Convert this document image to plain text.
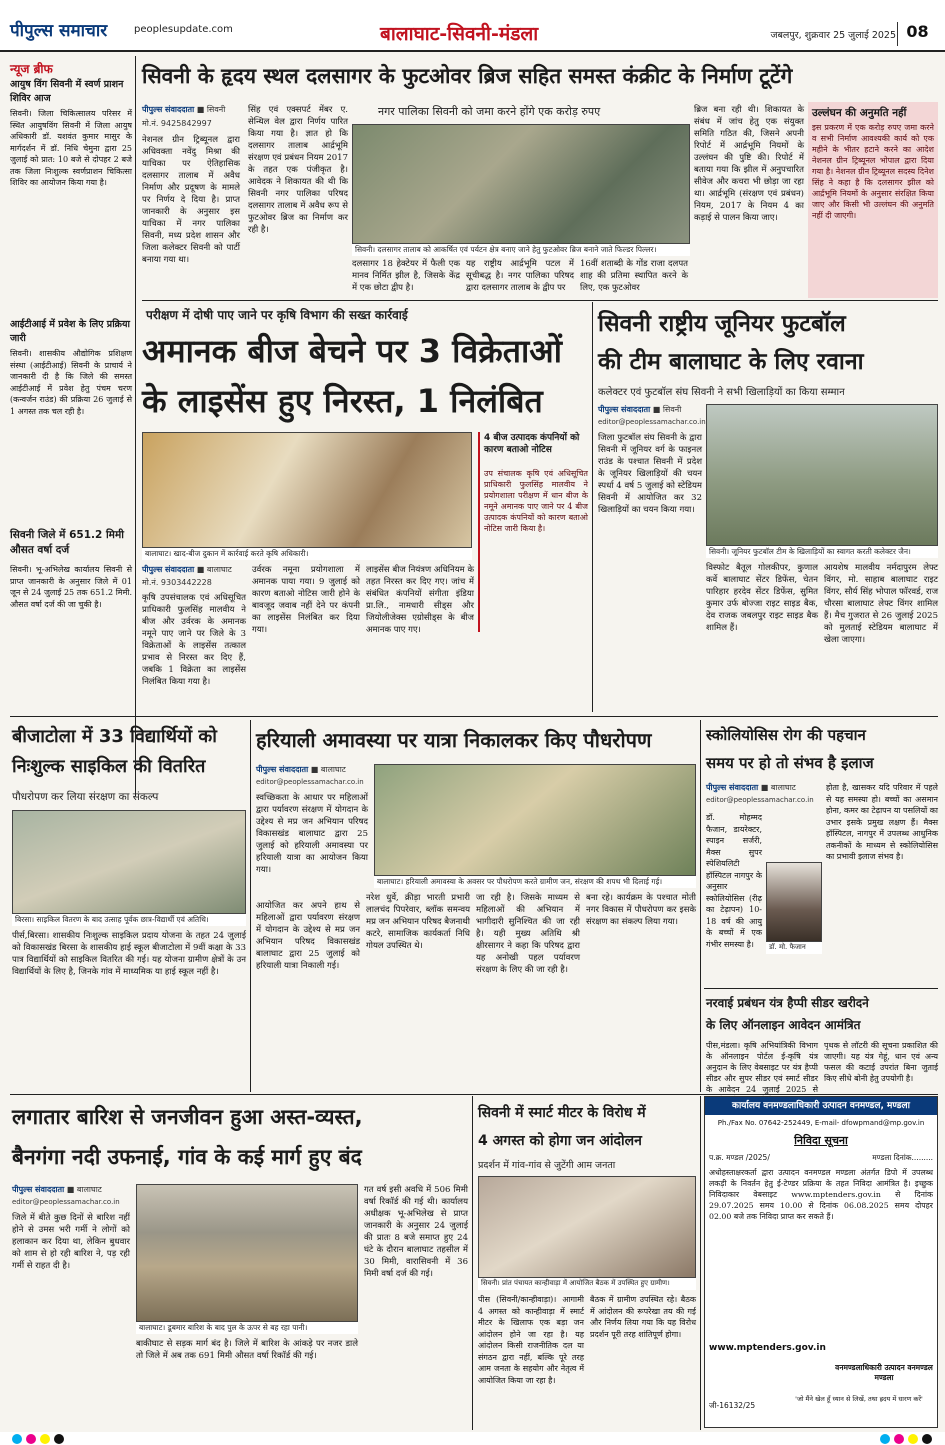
पीपुल्स समाचार	peoplesupdate.com	बालाघाट-सिवनी-मंडला	जबलपुर, शुक्रवार 25 जुलाई 2025 08
न्यूज ब्रीफ
आयुष विंग सिवनी में स्वर्ण प्राशन शिविर आज
सिवनी। जिला चिकित्सालय परिसर में स्थित आयुषविंग सिवनी में जिला आयुष अधिकारी डॉ. यशवंत कुमार मासुर के मार्गदर्शन में डॉ. निधि चेमुना द्वारा 25 जुलाई को प्रात: 10 बजे से दोपहर 2 बजे तक जिला निःशुल्क स्वर्णप्राशन चिकित्सा शिविर का आयोजन किया गया है।
आईटीआई में प्रवेश के लिए प्रक्रिया जारी
सिवनी। शासकीय औद्योगिक प्रशिक्षण संस्था (आईटीआई) सिवनी के प्राचार्य ने जानकारी दी है कि जिले की समस्त आईटीआई में प्रवेश हेतु पंचम चरण (कन्वर्जन राउंड) की प्रक्रिया 26 जुलाई से 1 अगस्त तक चल रही है।
सिवनी जिले में 651.2 मिमी औसत वर्षा दर्ज
सिवनी। भू-अभिलेख कार्यालय सिवनी से प्राप्त जानकारी के अनुसार जिले में 01 जून से 24 जुलाई 25 तक 651.2 मिमी. औसत वर्षा दर्ज की जा चुकी है।
सिवनी के हृदय स्थल दलसागर के फुटओवर ब्रिज सहित समस्त कंक्रीट के निर्माण टूटेंगे
नगर पालिका सिवनी को जमा करने होंगे एक करोड़ रुपए
पीपुल्स संवाददाता ■ सिवनी
मो.नं. 9425842997
नेशनल ग्रीन ट्रिब्यूनल द्वारा अधिवक्ता नवेंदु मिश्रा की याचिका पर ऐतिहासिक दलसागर तालाब में अवैध निर्माण और प्रदूषण के मामले पर निर्णय दे दिया है। प्राप्त जानकारी के अनुसार इस याचिका में नगर पालिका सिवनी, मध्य प्रदेश शासन और जिला कलेक्टर सिवनी को पार्टी बनाया गया था।
सिंह एवं एक्सपर्ट मेंबर ए. सेन्थिल वेल द्वारा निर्णय पारित किया गया है। ज्ञात हो कि दलसागर तालाब आर्द्रभूमि संरक्षण एवं प्रबंधन नियम 2017 के तहत एक पंजीकृत है। आवेदक ने शिकायत की थी कि सिवनी नगर पालिका परिषद दलसागर तालाब में अवैध रूप से फुटओवर ब्रिज का निर्माण कर रही है।
सिवनी। दलसागर तालाब को आकर्षित एवं पर्यटन क्षेत्र बनाए जाने हेतु फुटओवर ब्रिज बनाने जाते फिल्डर पिल्लर।
दलसागर 18 हेक्टेयर में फैली एक मानव निर्मित झील है, जिसके केंद्र में एक छोटा द्वीप है।
यह राष्ट्रीय आर्द्रभूमि पटल में सूचीबद्ध है। नगर पालिका परिषद द्वारा दलसागर तालाब के द्वीप पर
16वीं शताब्दी के गोंड राजा दलपत शाह की प्रतिमा स्थापित करने के लिए, एक फुटओवर
ब्रिज बना रही थी। शिकायत के संबंध में जांच हेतु एक संयुक्त समिति गठित की, जिसने अपनी रिपोर्ट में आर्द्रभूमि नियमों के उल्लंघन की पुष्टि की। रिपोर्ट में बताया गया कि झील में अनुपचारित सीवेज और कचरा भी छोड़ा जा रहा था। आर्द्रभूमि (संरक्षण एवं प्रबंधन) नियम, 2017 के नियम 4 का कड़ाई से पालन किया जाए।
उल्लंघन की अनुमति नहीं
इस प्रकरण में एक करोड़ रुपए जमा करने व सभी निर्माण आवश्यकी कार्य को एक महीने के भीतर हटाने करने का आदेश नेशनल ग्रीन ट्रिब्यूनल भोपाल द्वारा दिया गया है। नेशनल ग्रीन ट्रिब्यूनल सदस्य दिनेश सिंह ने कहा है कि दलसागर झील को आर्द्रभूमि नियमों के अनुसार संरक्षित किया जाए और किसी भी उल्लंघन की अनुमति नहीं दी जाएगी।
परीक्षण में दोषी पाए जाने पर कृषि विभाग की सख्त कार्रवाई
अमानक बीज बेचने पर 3 विक्रेताओं
के लाइसेंस हुए निरस्त, 1 निलंबित
बालाघाट। खाद-बीज दुकान में कार्रवाई करते कृषि अधिकारी।
4 बीज उत्पादक कंपनियों को कारण बताओ नोटिस
उप संचालक कृषि एवं अधिसूचित प्राधिकारी फुलसिंह मालवीय ने प्रयोगशाला परीक्षण में धान बीज के नमूने अमानक पाए जाने पर 4 बीज उत्पादक कंपनियों को कारण बताओ नोटिस जारी किया है।
पीपुल्स संवाददाता ■ बालाघाट
मो.नं. 9303442228
कृषि उपसंचालक एवं अधिसूचित प्राधिकारी फुलसिंह मालवीय ने बीज और उर्वरक के अमानक नमूने पाए जाने पर जिले के 3 विक्रेताओं के लाइसेंस तत्काल प्रभाव से निरस्त कर दिए हैं, जबकि 1 विक्रेता का लाइसेंस निलंबित किया गया है।
उर्वरक नमूना प्रयोगशाला में अमानक पाया गया। 9 जुलाई को कारण बताओ नोटिस जारी होने के बावजूद जवाब नहीं देने पर कंपनी का लाइसेंस निलंबित कर दिया गया।
लाइसेंस बीज नियंत्रण अधिनियम के तहत निरस्त कर दिए गए। जांच में संबंधित कंपनियों संगीता इंडिया प्रा.लि., नामधारी सीड्स और जियोलीजेक्स एग्रोसीड्स के बीज अमानक पाए गए।
सिवनी राष्ट्रीय जूनियर फुटबॉल
की टीम बालाघाट के लिए रवाना
कलेक्टर एवं फुटबॉल संघ सिवनी ने सभी खिलाड़ियों का किया सम्मान
पीपुल्स संवाददाता ■ सिवनी
editor@peoplessamachar.co.in
जिला फुटबॉल संघ सिवनी के द्वारा सिवनी में जूनियर वर्ग के फाइनल राउंड के पश्चात सिवनी में प्रदेश के जूनियर खिलाड़ियों की चयन स्पर्धा 4 वर्ष 5 जुलाई को स्टेडियम सिवनी में आयोजित कर 32 खिलाड़ियों का चयन किया गया।
सिवनी। जूनियर फुटबॉल टीम के खिलाड़ियों का स्वागत करती कलेक्टर जैन।
विस्फोट बैतूल गोलकीपर, कुणाल कर्वे बालाघाट सेंटर डिफेंस, चेतन पारिहार हरदेव सेंटर डिफेंस, सुमित कुमार उर्फ बोज्जा राइट साइड बैक, देव राजक जबलपुर राइट साइड बैक शामिल हैं।
आयशेष मालवीय नर्मदापुरम लेफ्ट विंगर, मो. साहाब बालाघाट राइट विंगर, सौर्य सिंह भोपाल फॉरवर्ड, राज चौरसा बालाघाट लेफ्ट विंगर शामिल हैं। मैच गुजरात से 26 जुलाई 2025 को मुलताई स्टेडियम बालाघाट में खेला जाएगा।
बीजाटोला में 33 विद्यार्थियों को निःशुल्क साइकिल की वितरित
पौधरोपण कर लिया संरक्षण का संकल्प
बिरसा। साइकिल वितरण के बाद उत्साह पूर्वक छात्र-विद्यार्थी एवं अतिथि।
पीर्स,बिरसा। शासकीय निःशुल्क साइकिल प्रदाय योजना के तहत 24 जुलाई को विकासखंड बिरसा के शासकीय हाई स्कूल बीजाटोला में 9वीं कक्षा के 33 पात्र विद्यार्थियों को साइकिल वितरित की गई। यह योजना ग्रामीण क्षेत्रों के उन विद्यार्थियों के लिए है, जिनके गांव में माध्यमिक या हाई स्कूल नहीं है।
हरियाली अमावस्या पर यात्रा निकालकर किए पौधरोपण
पीपुल्स संवाददाता ■ बालाघाट
editor@peoplessamachar.co.in
स्वच्छिकता के आधार पर महिलाओं द्वारा पर्यावरण संरक्षण में योगदान के उद्देश्य से मप्र जन अभियान परिषद विकासखंड बालाघाट द्वारा 25 जुलाई को हरियाली अमावस्या पर हरियाली यात्रा का आयोजन किया गया।
बालाघाट। हरियाली अमावस्या के अवसर पर पौधरोपण करते ग्रामीण जन, संरक्षण की शपथ भी दिलाई गई।
आयोजित कर अपने हाथ से महिलाओं द्वारा पर्यावरण संरक्षण में योगदान के उद्देश्य से मप्र जन अभियान परिषद विकासखंड बालाघाट द्वारा 25 जुलाई को हरियाली यात्रा निकाली गई।
नरेश धुर्वे, क्रीड़ा भारती प्रभारी लालचंद पिपरेवार, ब्लॉक समन्वय मप्र जन अभियान परिषद बैजनाथी कटरे, सामाजिक कार्यकर्ता निधि गोयल उपस्थित थे।
जा रही है। जिसके माध्यम से महिलाओं की अभियान में भागीदारी सुनिश्चित की जा रही है। यही मुख्य अतिथि श्री क्षीरसागर ने कहा कि परिषद द्वारा यह अनोखी पहल पर्यावरण संरक्षण के लिए की जा रही है।
बना रहे। कार्यक्रम के पश्चात मोती नगर विकास में पौधरोपण कर इसके संरक्षण का संकल्प लिया गया।
स्कोलियोसिस रोग की पहचान
समय पर हो तो संभव है इलाज
पीपुल्स संवाददाता ■ बालाघाट
editor@peoplessamachar.co.in
डॉ. मोहम्मद फैजान, डायरेक्टर, स्पाइन सर्जरी, मैक्स सुपर स्पेशियलिटी हॉस्पिटल नागपुर के अनुसार स्कोलियोसिस (रीढ़ का टेढ़ापन) 10-18 वर्ष की आयु के बच्चों में एक गंभीर समस्या है।	डॉ. मो. फैजान
होता है, खासकर यदि परिवार में पहले से यह समस्या हो। बच्चों का असमान होना, कमर का टेढ़ापन या पसलियों का उभार इसके प्रमुख लक्षण हैं। मैक्स हॉस्पिटल, नागपुर में उपलब्ध आधुनिक तकनीकों के माध्यम से स्कोलियोसिस का प्रभावी इलाज संभव है।
नरवाई प्रबंधन यंत्र हैप्पी सीडर खरीदने
के लिए ऑनलाइन आवेदन आमंत्रित
पीस,मंडला। कृषि अभियांत्रिकी विभाग के ऑनलाइन पोर्टल ई-कृषि यंत्र अनुदान के लिए वेबसाइट पर यंत्र हैप्पी सीडर और सुपर सीडर एवं स्मार्ट सीडर के आवेदन 24 जुलाई 2025 से
पृथक से लॉटरी की सूचना प्रकाशित की जाएगी। यह यंत्र गेहूं, धान एवं अन्य फसल की कटाई उपरांत बिना जुताई किए सीधे बोनी हेतु उपयोगी है।
लगातार बारिश से जनजीवन हुआ अस्त-व्यस्त,
बैनगंगा नदी उफनाई, गांव के कई मार्ग हुए बंद
पीपुल्स संवाददाता ■ बालाघाट
editor@peoplessamachar.co.in
जिले में बीते कुछ दिनों से बारिश नहीं होने से उमस भरी गर्मी ने लोगों को हलाकान कर दिया था, लेकिन बुधवार को शाम से हो रही बारिश ने, पड़ रही गर्मी से राहत दी है।
बालाघाट। डूबमार बारिश के बाद पुल के ऊपर से बह रहा पानी।
बाकीघाट से सड़क मार्ग बंद है। जिले में बारिश के आंकड़े पर नजर डाले तो जिले में अब तक 691 मिमी औसत वर्षा रिकॉर्ड की गई।
गत वर्ष इसी अवधि में 506 मिमी वर्षा रिकॉर्ड की गई थी। कार्यालय अधीक्षक भू-अभिलेख से प्राप्त जानकारी के अनुसार 24 जुलाई की प्रातः 8 बजे समाप्त हुए 24 घंटे के दौरान बालाघाट तहसील में 30 मिमी, वारासिवनी में 36 मिमी वर्षा दर्ज की गई।
सिवनी में स्मार्ट मीटर के विरोध में
4 अगस्त को होगा जन आंदोलन
प्रदर्शन में गांव-गांव से जुटेंगी आम जनता
सिवनी। प्रांत पंचायत कान्हीवाड़ा में आयोजित बैठक में उपस्थित हुए ग्रामीण।
पीस (सिवनी/कान्हीवाड़ा)। आगामी 4 अगस्त को कान्हीवाड़ा में स्मार्ट मीटर के खिलाफ एक बड़ा जन आंदोलन होने जा रहा है। यह आंदोलन किसी राजनीतिक दल या संगठन द्वारा नहीं, बल्कि पूरे तरह आम जनता के सहयोग और नेतृत्व में आयोजित किया जा रहा है।
बैठक में ग्रामीण उपस्थित रहे। बैठक में आंदोलन की रूपरेखा तय की गई और निर्णय लिया गया कि यह विरोध प्रदर्शन पूरी तरह शांतिपूर्ण होगा।
कार्यालय वनमण्डलाधिकारी उत्पादन वनमण्डल, मण्डला
Ph./Fax No. 07642-252449, E-mail- dfowpmand@mp.gov.in
निविदा सूचना
प.क्र. मण्डल /2025/	मण्डला दिनांक.........
अधोहस्ताक्षरकर्ता द्वारा उत्पादन वनमण्डल मण्डला अंतर्गत डिपो में उपलब्ध लकड़ी के निवर्तन हेतु ई-टेण्डर प्रक्रिया के तहत निविदा आमंत्रित है। इच्छुक निविदाकार वेबसाइट www.mptenders.gov.in से दिनांक 29.07.2025 समय 10.00 से दिनांक 06.08.2025 समय दोपहर 02.00 बजे तक निविदा प्राप्त कर सकते हैं।
www.mptenders.gov.in
वनमण्डलाधिकारी उत्पादन वनमण्डल मण्डला
जी-16132/25
'जो मैंने खेल हूँ ध्यान से लिखें, तथा ह्रदय में धारण करें'
